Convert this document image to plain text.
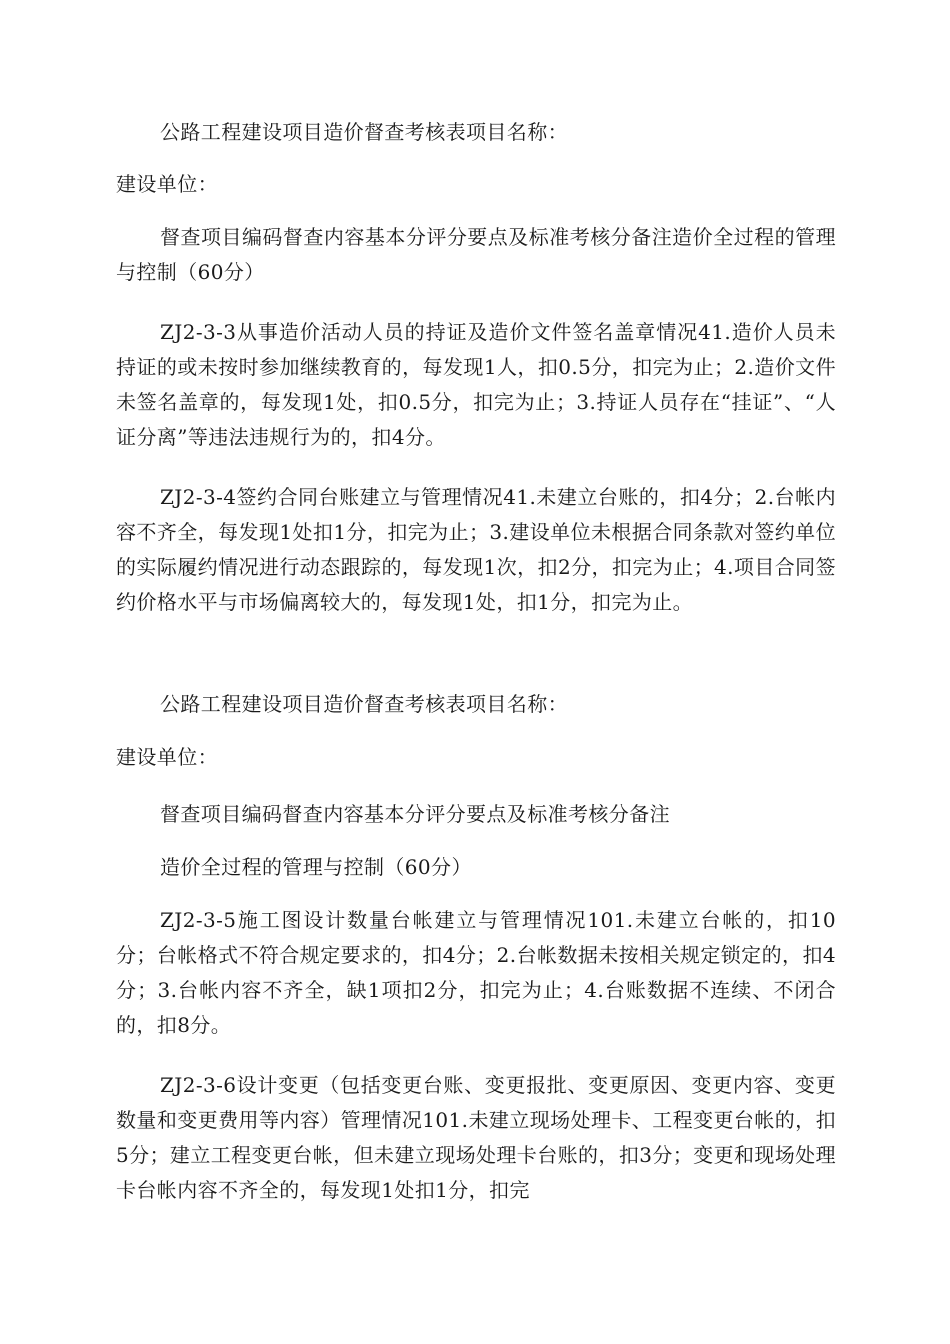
公路工程建设项目造价督查考核表项目名称：

建设单位：

督查项目编码督查内容基本分评分要点及标准考核分备注造价全过程的管理与控制（60分）

ZJ2-3-3从事造价活动人员的持证及造价文件签名盖章情况41.造价人员未持证的或未按时参加继续教育的，每发现1人，扣0.5分，扣完为止；2.造价文件未签名盖章的，每发现1处，扣0.5分，扣完为止；3.持证人员存在“挂证”、“人证分离”等违法违规行为的，扣4分。

ZJ2-3-4签约合同台账建立与管理情况41.未建立台账的，扣4分；2.台帐内容不齐全，每发现1处扣1分，扣完为止；3.建设单位未根据合同条款对签约单位的实际履约情况进行动态跟踪的，每发现1次，扣2分，扣完为止；4.项目合同签约价格水平与市场偏离较大的，每发现1处，扣1分，扣完为止。

公路工程建设项目造价督查考核表项目名称：

建设单位：

督查项目编码督查内容基本分评分要点及标准考核分备注

造价全过程的管理与控制（60分）

ZJ2-3-5施工图设计数量台帐建立与管理情况101.未建立台帐的，扣10分；台帐格式不符合规定要求的，扣4分；2.台帐数据未按相关规定锁定的，扣4分；3.台帐内容不齐全，缺1项扣2分，扣完为止；4.台账数据不连续、不闭合的，扣8分。

ZJ2-3-6设计变更（包括变更台账、变更报批、变更原因、变更内容、变更数量和变更费用等内容）管理情况101.未建立现场处理卡、工程变更台帐的，扣5分；建立工程变更台帐，但未建立现场处理卡台账的，扣3分；变更和现场处理卡台帐内容不齐全的，每发现1处扣1分，扣完
